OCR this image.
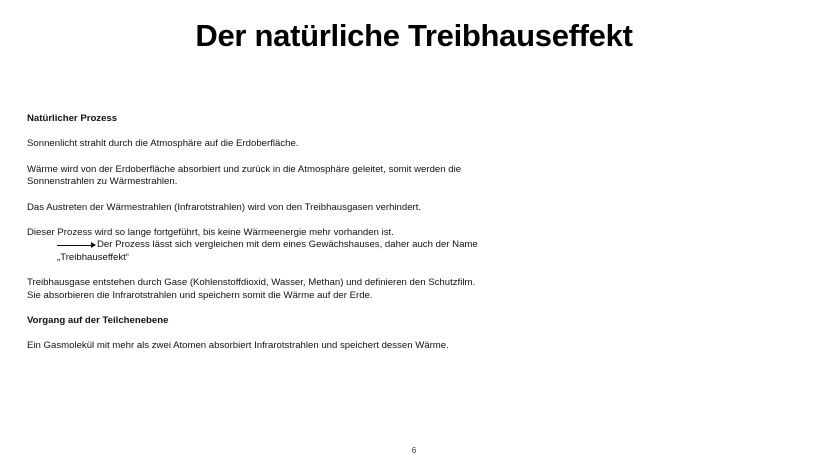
Der natürliche Treibhauseffekt

Natürlicher Prozess

Sonnenlicht strahlt durch die Atmosphäre auf die Erdoberfläche.

Wärme wird von der Erdoberfläche absorbiert und zurück in die Atmosphäre geleitet, somit werden die

Sonnenstrahlen zu Wärmestrahlen.

Das Austreten der Wärmestrahlen (Infrarotstrahlen) wird von den Treibhausgasen verhindert.

Dieser Prozess wird so lange fortgeführt, bis keine Wärmeenergie mehr vorhanden ist.

Der Prozess lässt sich vergleichen mit dem eines Gewächshauses, daher auch der Name

„Treibhauseffekt“

Treibhausgase entstehen durch Gase (Kohlenstoffdioxid, Wasser, Methan) und definieren den Schutzfilm.

Sie absorbieren die Infrarotstrahlen und speichern somit die Wärme auf der Erde.

Vorgang auf der Teilchenebene

Ein Gasmolekül mit mehr als zwei Atomen absorbiert Infrarotstrahlen und speichert dessen Wärme.

6
